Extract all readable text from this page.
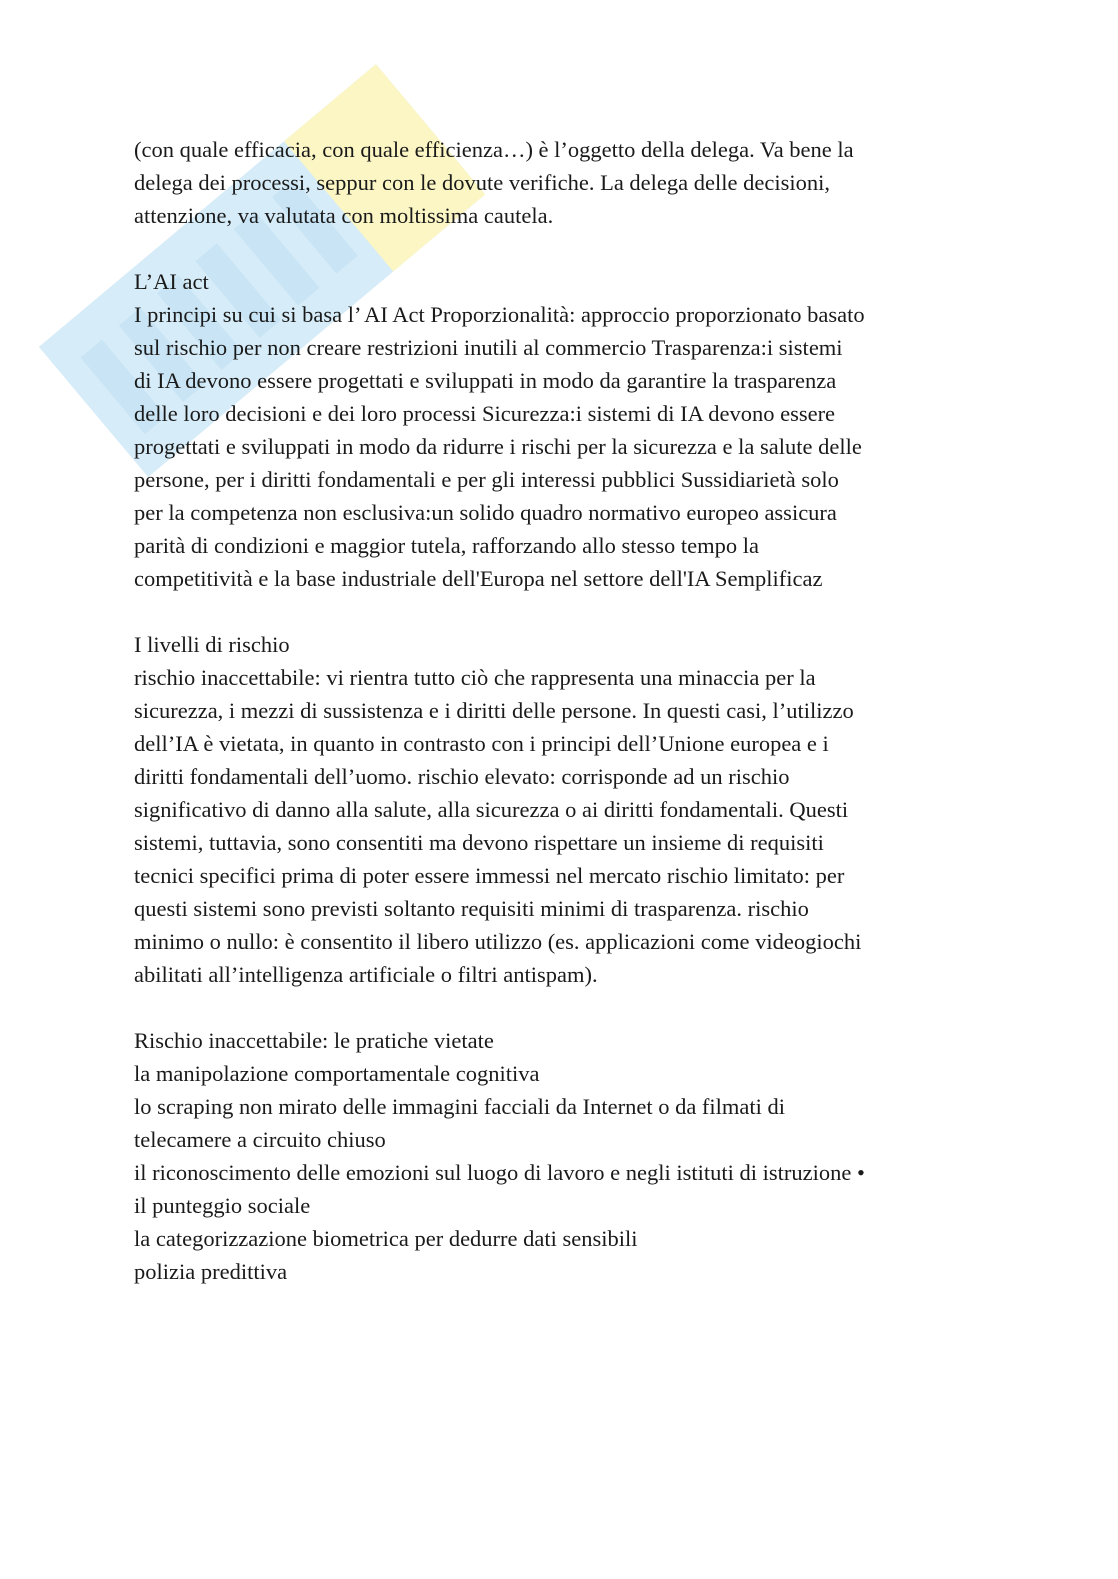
(con quale efficacia, con quale efficienza…) è l’oggetto della delega. Va bene la
delega dei processi, seppur con le dovute verifiche. La delega delle decisioni,
attenzione, va valutata con moltissima cautela.
L’AI act
I principi su cui si basa l’ AI Act Proporzionalità: approccio proporzionato basato
sul rischio per non creare restrizioni inutili al commercio Trasparenza:i sistemi
di IA devono essere progettati e sviluppati in modo da garantire la trasparenza
delle loro decisioni e dei loro processi Sicurezza:i sistemi di IA devono essere
progettati e sviluppati in modo da ridurre i rischi per la sicurezza e la salute delle
persone, per i diritti fondamentali e per gli interessi pubblici Sussidiarietà solo
per la competenza non esclusiva:un solido quadro normativo europeo assicura
parità di condizioni e maggior tutela, rafforzando allo stesso tempo la
competitività e la base industriale dell'Europa nel settore dell'IA Semplificaz
I livelli di rischio
rischio inaccettabile: vi rientra tutto ciò che rappresenta una minaccia per la
sicurezza, i mezzi di sussistenza e i diritti delle persone. In questi casi, l’utilizzo
dell’IA è vietata, in quanto in contrasto con i principi dell’Unione europea e i
diritti fondamentali dell’uomo. rischio elevato: corrisponde ad un rischio
significativo di danno alla salute, alla sicurezza o ai diritti fondamentali. Questi
sistemi, tuttavia, sono consentiti ma devono rispettare un insieme di requisiti
tecnici specifici prima di poter essere immessi nel mercato rischio limitato: per
questi sistemi sono previsti soltanto requisiti minimi di trasparenza. rischio
minimo o nullo: è consentito il libero utilizzo (es. applicazioni come videogiochi
abilitati all’intelligenza artificiale o filtri antispam).
Rischio inaccettabile: le pratiche vietate
la manipolazione comportamentale cognitiva
lo scraping non mirato delle immagini facciali da Internet o da filmati di
telecamere a circuito chiuso
il riconoscimento delle emozioni sul luogo di lavoro e negli istituti di istruzione •
il punteggio sociale
la categorizzazione biometrica per dedurre dati sensibili
polizia predittiva
